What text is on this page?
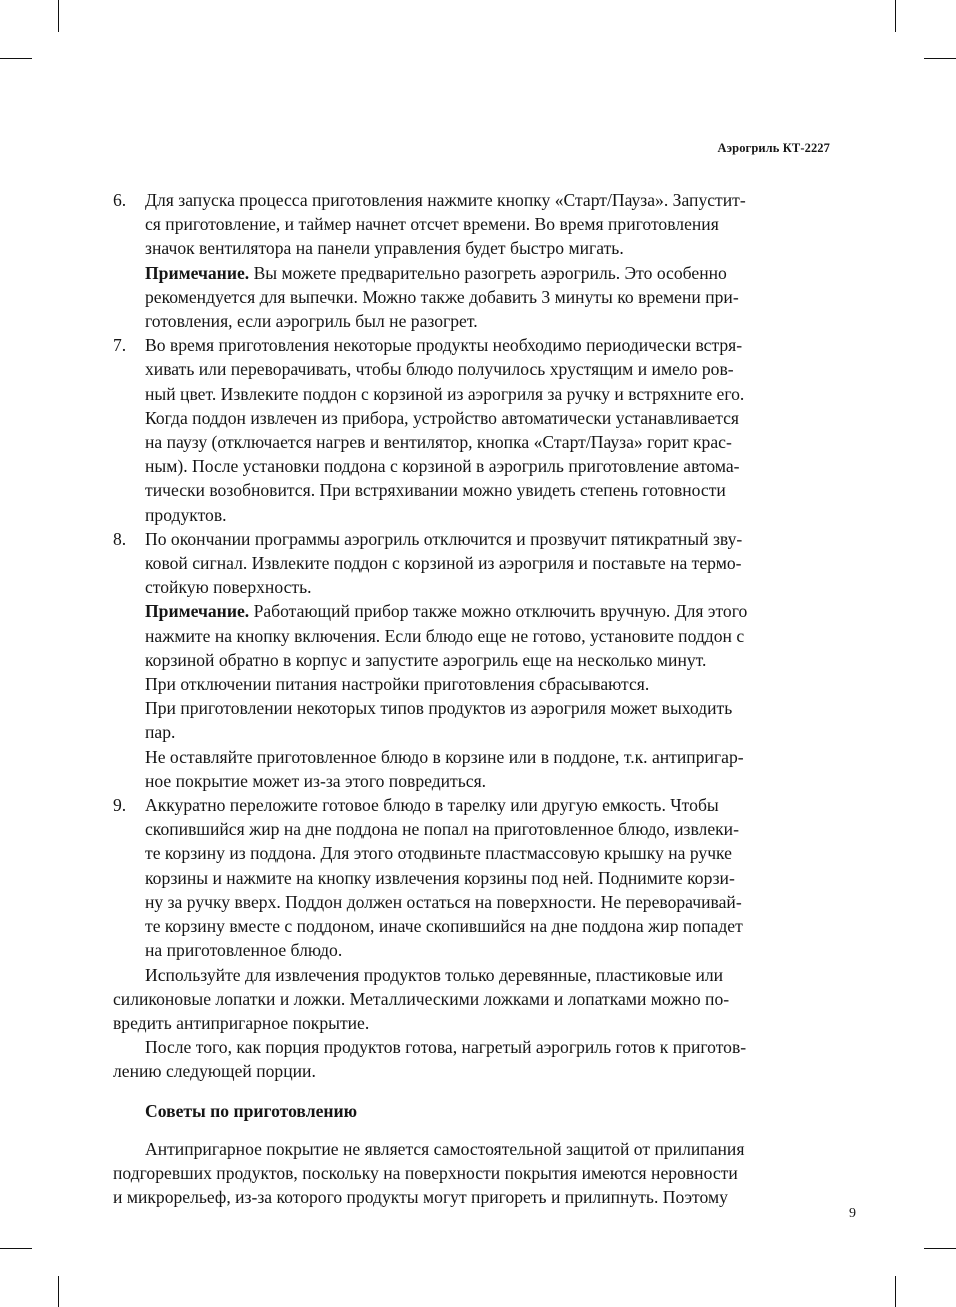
Аэрогриль КТ-2227
6.	Для запуска процесса приготовления нажмите кнопку «Старт/Пауза». Запустит-
ся приготовление, и таймер начнет отсчет времени. Во время приготовления
значок вентилятора на панели управления будет быстро мигать.
Примечание. Вы можете предварительно разогреть аэрогриль. Это особенно
рекомендуется для выпечки. Можно также добавить 3 минуты ко времени при-
готовления, если аэрогриль был не разогрет.
7.	Во время приготовления некоторые продукты необходимо периодически встря-
хивать или переворачивать, чтобы блюдо получилось хрустящим и имело ров-
ный цвет. Извлеките поддон с корзиной из аэрогриля за ручку и встряхните его.
Когда поддон извлечен из прибора, устройство автоматически устанавливается
на паузу (отключается нагрев и вентилятор, кнопка «Старт/Пауза» горит крас-
ным). После установки поддона с корзиной в аэрогриль приготовление автома-
тически возобновится. При встряхивании можно увидеть степень готовности
продуктов.
8.	По окончании программы аэрогриль отключится и прозвучит пятикратный зву-
ковой сигнал. Извлеките поддон с корзиной из аэрогриля и поставьте на термо-
стойкую поверхность.
Примечание. Работающий прибор также можно отключить вручную. Для этого
нажмите на кнопку включения. Если блюдо еще не готово, установите поддон с
корзиной обратно в корпус и запустите аэрогриль еще на несколько минут.
При отключении питания настройки приготовления сбрасываются.
При приготовлении некоторых типов продуктов из аэрогриля может выходить
пар.
Не оставляйте приготовленное блюдо в корзине или в поддоне, т.к. антипригар-
ное покрытие может из-за этого повредиться.
9.	Аккуратно переложите готовое блюдо в тарелку или другую емкость. Чтобы
скопившийся жир на дне поддона не попал на приготовленное блюдо, извлеки-
те корзину из поддона. Для этого отодвиньте пластмассовую крышку на ручке
корзины и нажмите на кнопку извлечения корзины под ней. Поднимите корзи-
ну за ручку вверх. Поддон должен остаться на поверхности. Не переворачивай-
те корзину вместе с поддоном, иначе скопившийся на дне поддона жир попадет
на приготовленное блюдо.
Используйте для извлечения продуктов только деревянные, пластиковые или
силиконовые лопатки и ложки. Металлическими ложками и лопатками можно по-
вредить антипригарное покрытие.
После того, как порция продуктов готова, нагретый аэрогриль готов к приготов-
лению следующей порции.
Советы по приготовлению
Антипригарное покрытие не является самостоятельной защитой от прилипания
подгоревших продуктов, поскольку на поверхности покрытия имеются неровности
и микрорельеф, из-за которого продукты могут пригореть и прилипнуть. Поэтому
9
